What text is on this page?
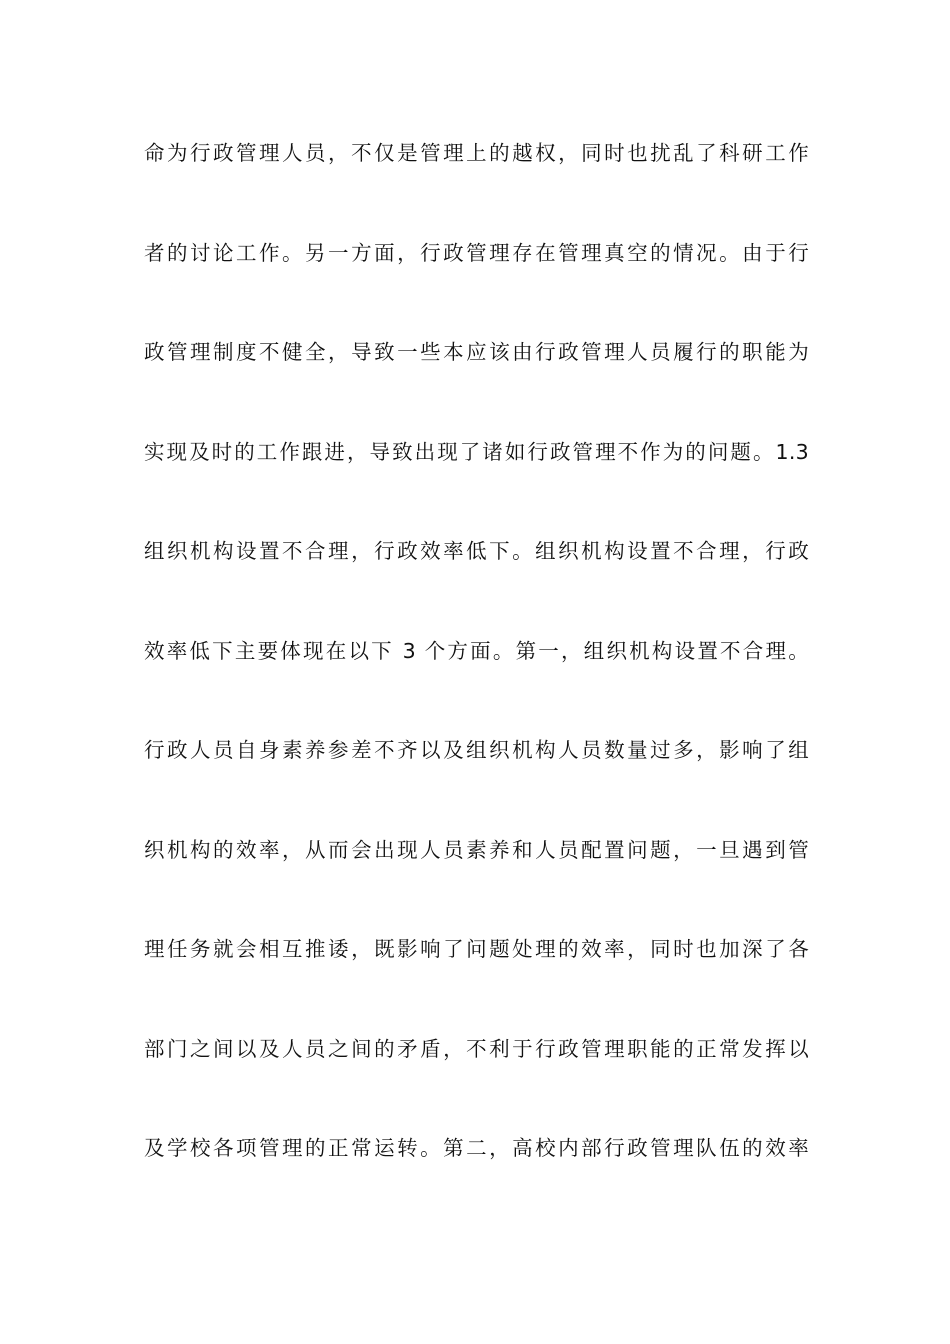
命为行政管理人员，不仅是管理上的越权，同时也扰乱了科研工作
者的讨论工作。另一方面，行政管理存在管理真空的情况。由于行
政管理制度不健全，导致一些本应该由行政管理人员履行的职能为
实现及时的工作跟进，导致出现了诸如行政管理不作为的问题。1.3
组织机构设置不合理，行政效率低下。组织机构设置不合理，行政
效率低下主要体现在以下 3 个方面。第一，组织机构设置不合理。
行政人员自身素养参差不齐以及组织机构人员数量过多，影响了组
织机构的效率，从而会出现人员素养和人员配置问题，一旦遇到管
理任务就会相互推诿，既影响了问题处理的效率，同时也加深了各
部门之间以及人员之间的矛盾，不利于行政管理职能的正常发挥以
及学校各项管理的正常运转。第二，高校内部行政管理队伍的效率
